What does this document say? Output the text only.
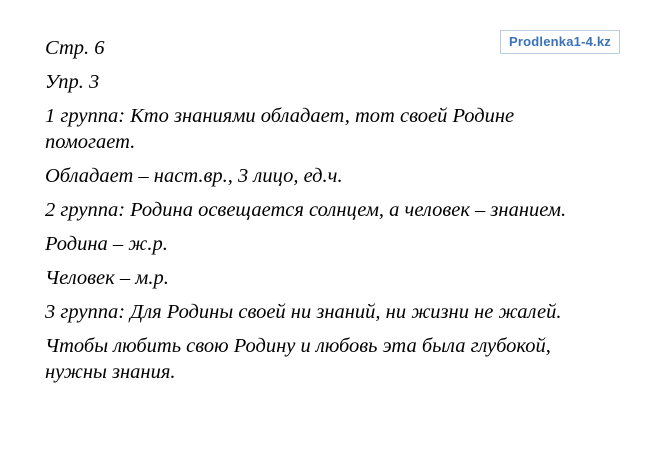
Prodlenka1-4.kz
Стр. 6
Упр. 3
1 группа: Кто знаниями обладает, тот своей Родине
помогает.
Обладает – наст.вр., 3 лицо, ед.ч.
2 группа: Родина освещается солнцем, а человек – знанием.
Родина – ж.р.
Человек – м.р.
3 группа: Для Родины своей ни знаний, ни жизни не жалей.
Чтобы любить свою Родину и любовь эта была глубокой,
нужны знания.
